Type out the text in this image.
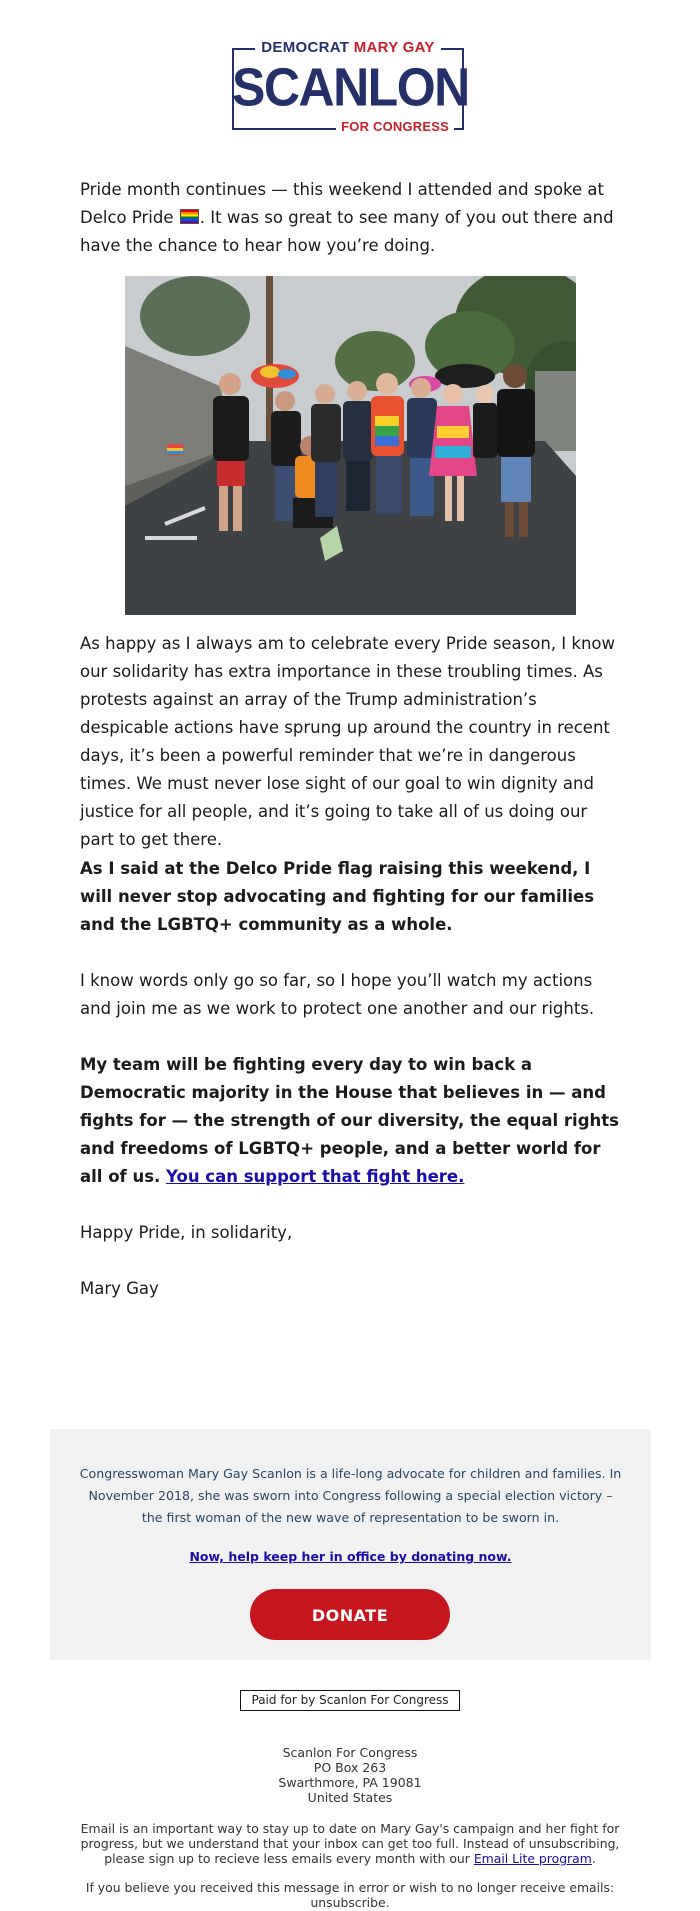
DEMOCRAT MARY GAY
SCANLON
FOR CONGRESS

Pride month continues — this weekend I attended and spoke at Delco Pride . It was so great to see many of you out there and have the chance to hear how you’re doing.

As happy as I always am to celebrate every Pride season, I know our solidarity has extra importance in these troubling times. As protests against an array of the Trump administration’s despicable actions have sprung up around the country in recent days, it’s been a powerful reminder that we’re in dangerous times. We must never lose sight of our goal to win dignity and justice for all people, and it’s going to take all of us doing our part to get there.

As I said at the Delco Pride flag raising this weekend, I will never stop advocating and fighting for our families and the LGBTQ+ community as a whole.

I know words only go so far, so I hope you’ll watch my actions and join me as we work to protect one another and our rights.

My team will be fighting every day to win back a Democratic majority in the House that believes in — and fights for — the strength of our diversity, the equal rights and freedoms of LGBTQ+ people, and a better world for all of us. You can support that fight here.

Happy Pride, in solidarity,

Mary Gay

Congresswoman Mary Gay Scanlon is a life-long advocate for children and families. In November 2018, she was sworn into Congress following a special election victory – the first woman of the new wave of representation to be sworn in.

Now, help keep her in office by donating now.
DONATE
Paid for by Scanlon For Congress
Scanlon For Congress
PO Box 263
Swarthmore, PA 19081
United States

Email is an important way to stay up to date on Mary Gay's campaign and her fight for progress, but we understand that your inbox can get too full. Instead of unsubscribing, please sign up to recieve less emails every month with our Email Lite program.

If you believe you received this message in error or wish to no longer receive emails:
unsubscribe.
